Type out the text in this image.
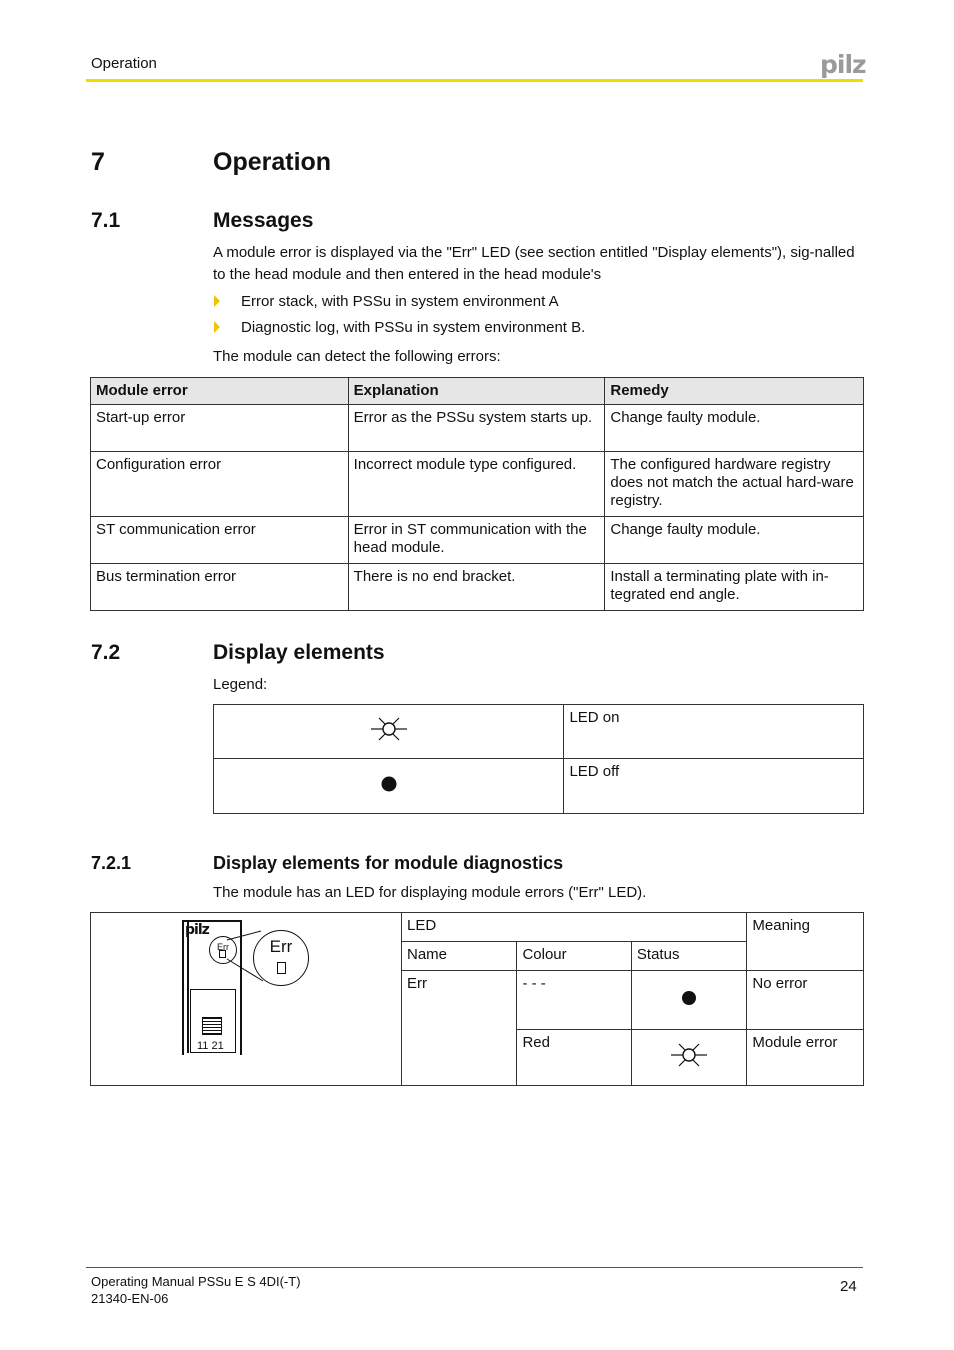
Operation	pilz
7	Operation
7.1	Messages
A module error is displayed via the "Err" LED (see section entitled "Display elements"), sig-nalled to the head module and then entered in the head module's
Error stack, with PSSu in system environment A
Diagnostic log, with PSSu in system environment B.
The module can detect the following errors:
Module error	Explanation	Remedy
Start-up error	Error as the PSSu system starts up.	Change faulty module.
Configuration error	Incorrect module type configured.	The configured hardware registry does not match the actual hard-ware registry.
ST communication error	Error in ST communication with the head module.	Change faulty module.
Bus termination error	There is no end bracket.	Install a terminating plate with in-tegrated end angle.
7.2	Display elements
Legend:
	LED on
	LED off
7.2.1	Display elements for module diagnostics
The module has an LED for displaying module errors ("Err" LED).
pilz
Err Err
11 21	LED			Meaning
	Name	Colour	Status	
	Err	- - -		No error
		Red		Module error
Operating Manual PSSu E S 4DI(-T)
21340-EN-06
24
